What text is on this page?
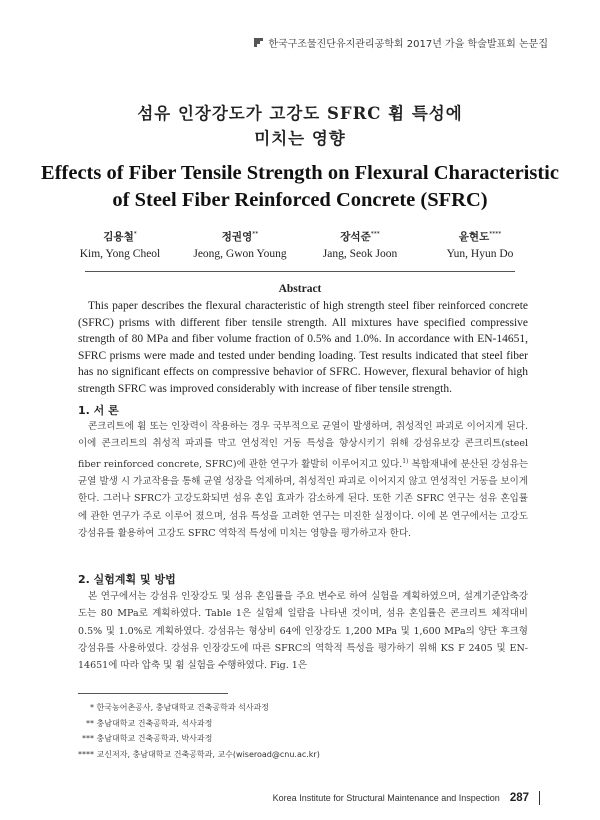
한국구조물진단유지관리공학회 2017년 가을 학술발표회 논문집
섬유 인장강도가 고강도 SFRC 휨 특성에
미치는 영향
Effects of Fiber Tensile Strength on Flexural Characteristic
of Steel Fiber Reinforced Concrete (SFRC)
김용철*
Kim, Yong Cheol
정권영**
Jeong, Gwon Young
장석준***
Jang, Seok Joon
윤현도****
Yun, Hyun Do
Abstract
This paper describes the flexural characteristic of high strength steel fiber reinforced concrete (SFRC) prisms with different fiber tensile strength. All mixtures have specified compressive strength of 80 MPa and fiber volume fraction of 0.5% and 1.0%. In accordance with EN-14651, SFRC prisms were made and tested under bending loading. Test results indicated that steel fiber has no significant effects on compressive behavior of SFRC. However, flexural behavior of high strength SFRC was improved considerably with increase of fiber tensile strength.
1. 서 론
콘크리트에 휨 또는 인장력이 작용하는 경우 국부적으로 균열이 발생하며, 취성적인 파괴로 이어지게 된다. 이에 콘크리트의 취성적 파괴를 막고 연성적인 거동 특성을 향상시키기 위해 강섬유보강 콘크리트(steel fiber reinforced concrete, SFRC)에 관한 연구가 활발히 이루어지고 있다.$^{1)}$ 복합재내에 분산된 강섬유는 균열 발생 시 가교작용을 통해 균열 성장을 억제하며, 취성적인 파괴로 이어지지 않고 연성적인 거동을 보이게 한다. 그러나 SFRC가 고강도화되면 섬유 혼입 효과가 감소하게 된다. 또한 기존 SFRC 연구는 섬유 혼입률에 관한 연구가 주로 이루어 졌으며, 섬유 특성을 고려한 연구는 미진한 실정이다. 이에 본 연구에서는 고강도 강섬유를 활용하여 고강도 SFRC 역학적 특성에 미치는 영향을 평가하고자 한다.
2. 실험계획 및 방법
본 연구에서는 강섬유 인장강도 및 섬유 혼입률을 주요 변수로 하여 실험을 계획하였으며, 설계기준압축강도는 80 MPa로 계획하였다. Table 1은 실험체 일람을 나타낸 것이며, 섬유 혼입률은 콘크리트 체적대비 0.5% 및 1.0%로 계획하였다. 강섬유는 형상비 64에 인장강도 1,200 MPa 및 1,600 MPa의 양단 후크형 강섬유를 사용하였다. 강섬유 인장강도에 따른 SFRC의 역학적 특성을 평가하기 위해 KS F 2405 및 EN-14651에 따라 압축 및 휨 실험을 수행하였다. Fig. 1은
* 한국농어촌공사, 충남대학교 건축공학과 석사과정
** 충남대학교 건축공학과, 석사과정
*** 충남대학교 건축공학과, 박사과정
**** 교신저자, 충남대학교 건축공학과, 교수(wiseroad@cnu.ac.kr)
Korea Institute for Structural Maintenance and Inspection 287
